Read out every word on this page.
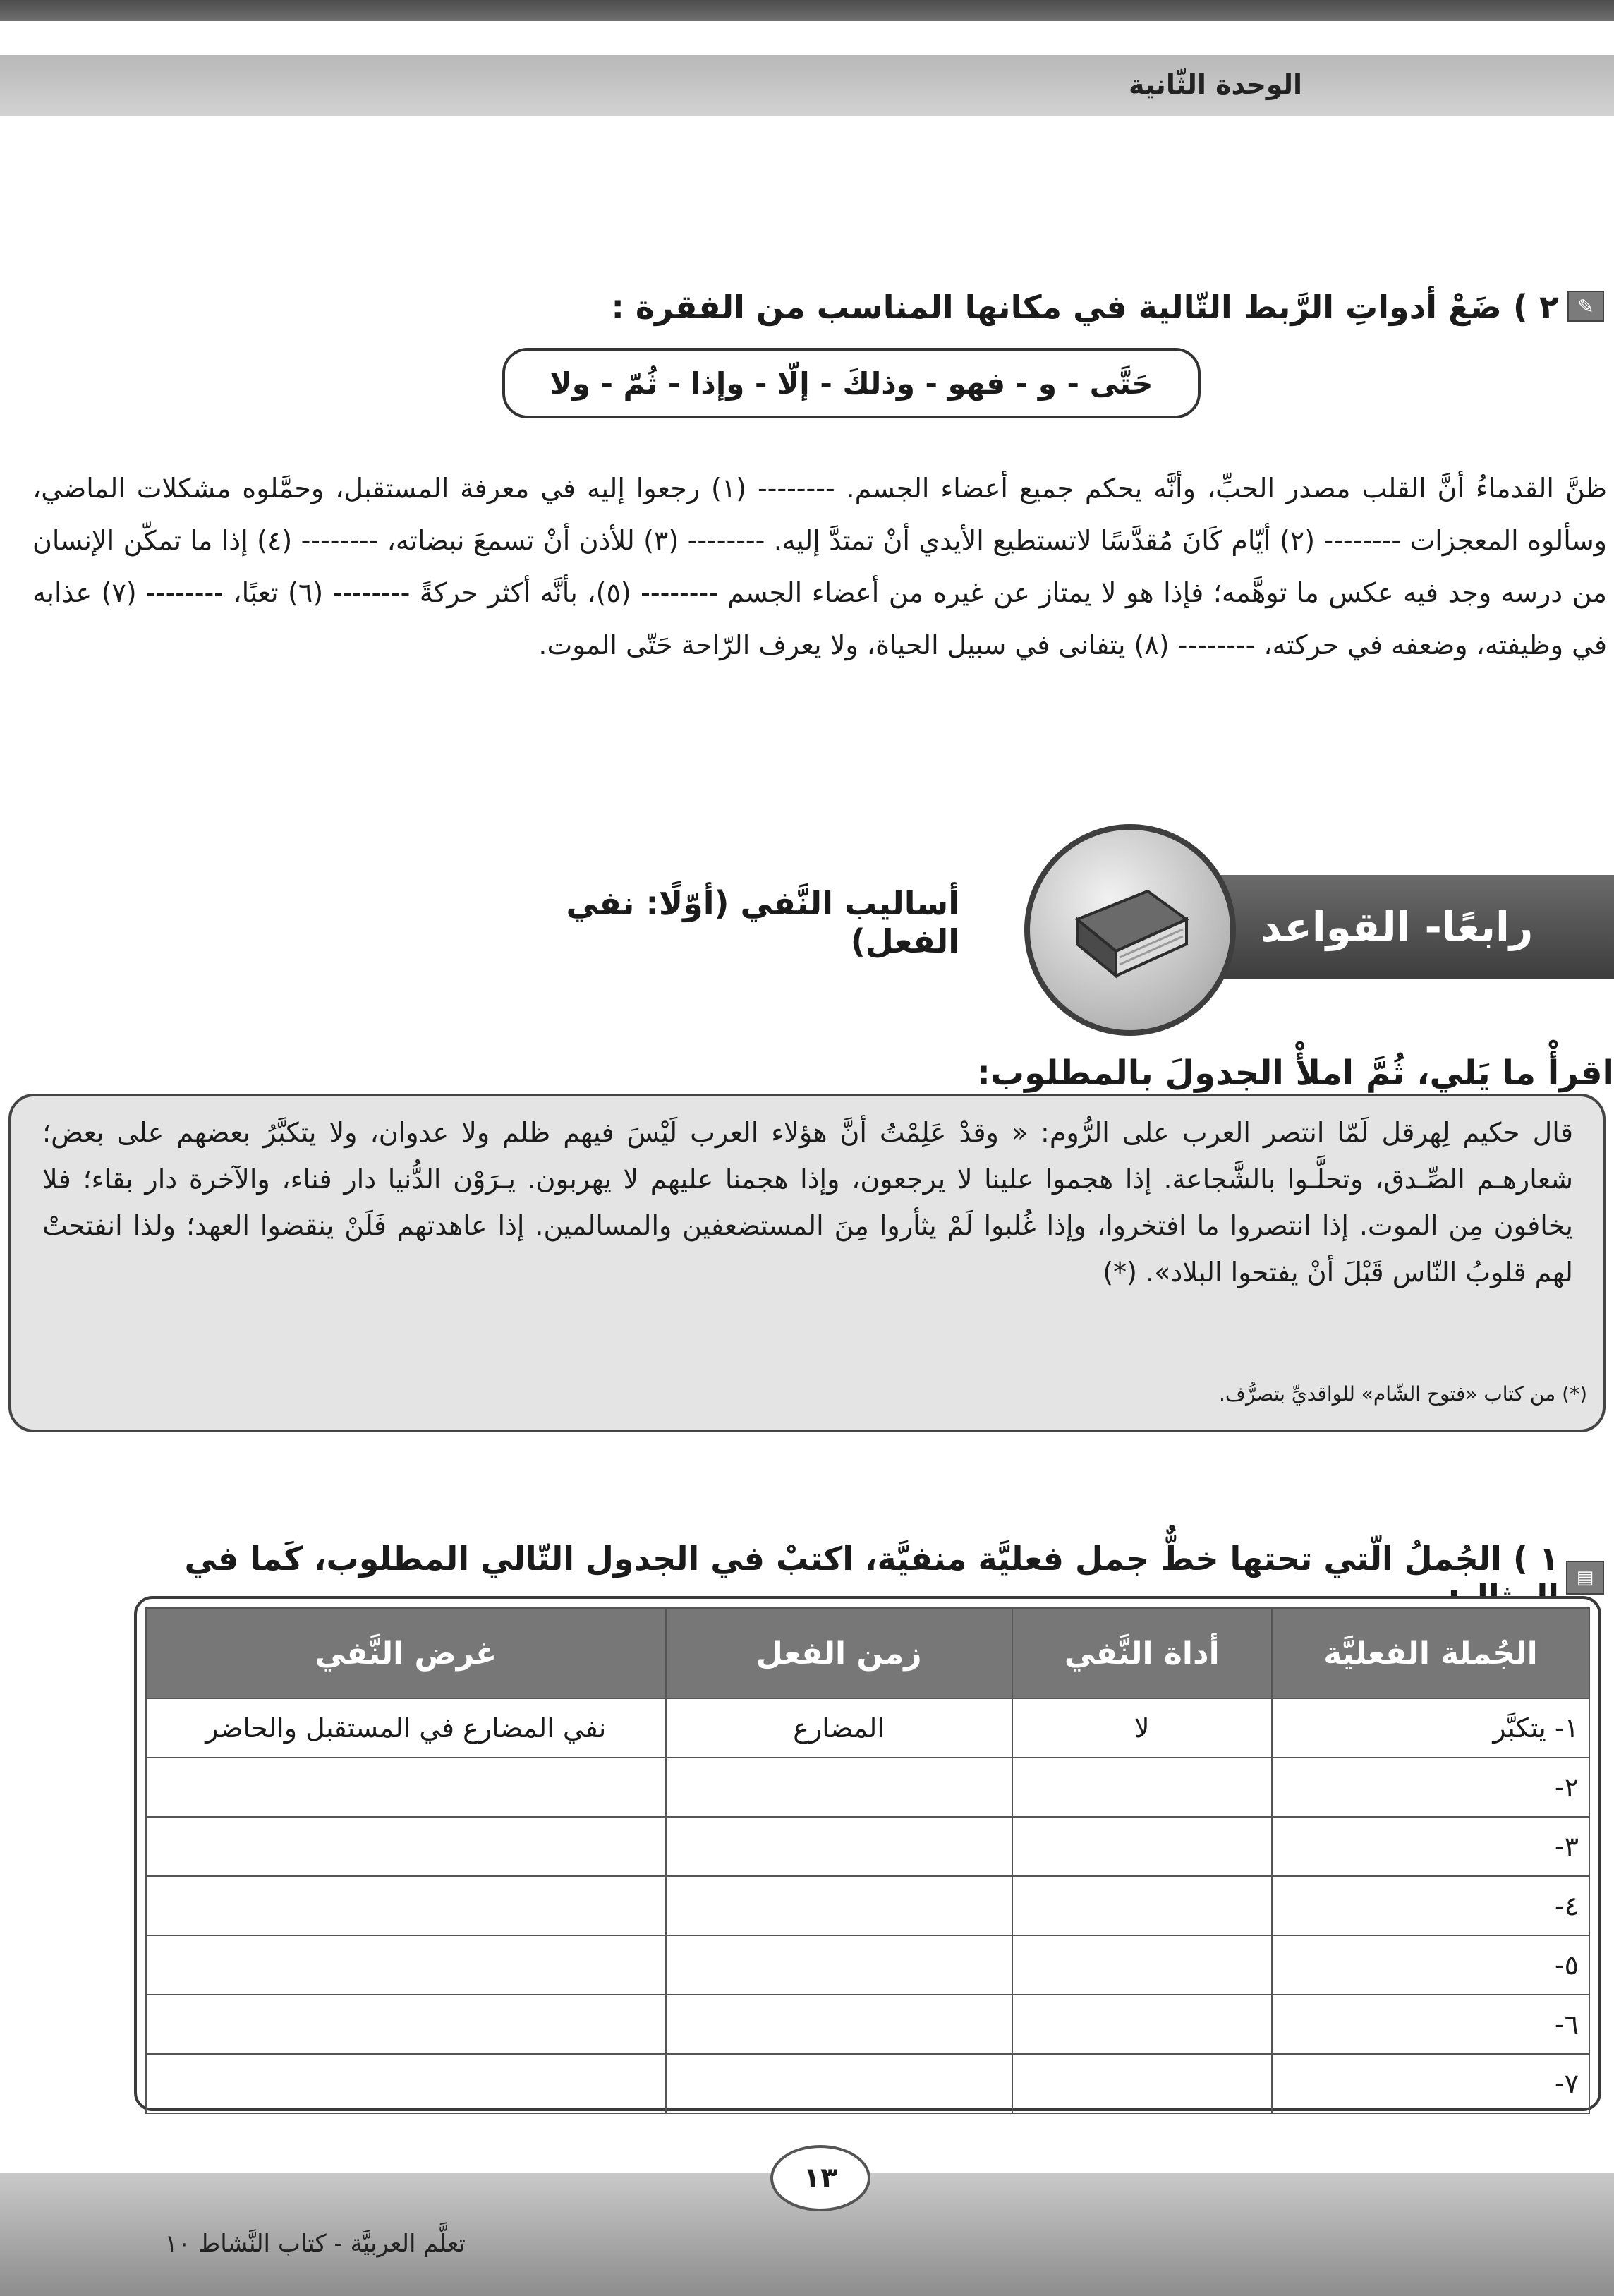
الوحدة الثّانية
✎
٢ ) ضَعْ أدواتِ الرَّبط التّالية في مكانها المناسب من الفقرة :
حَتَّى - و - فهو - وذلكَ - إلّا - وإذا - ثُمّ - ولا
ظنَّ القدماءُ أنَّ القلب مصدر الحبِّ، وأنَّه يحكم جميع أعضاء الجسم. -------- (١) رجعوا إليه في معرفة المستقبل، وحمَّلوه مشكلات الماضي، وسألوه المعجزات -------- (٢) أيّام كَانَ مُقدَّسًا لاتستطيع الأيدي أنْ تمتدَّ إليه. -------- (٣) للأذن أنْ تسمعَ نبضاته، -------- (٤) إذا ما تمكّن الإنسان من درسه وجد فيه عكس ما توهَّمه؛ فإذا هو لا يمتاز عن غيره من أعضاء الجسم -------- (٥)، بأنَّه أكثر حركةً -------- (٦) تعبًا، -------- (٧) عذابه في وظيفته، وضعفه في حركته، -------- (٨) يتفانى في سبيل الحياة، ولا يعرف الرّاحة حَتّى الموت.
رابعًا- القواعد
أساليب النَّفي (أوّلًا: نفي الفعل)
اقرأْ ما يَلي، ثُمَّ املأْ الجدولَ بالمطلوب:
قال حكيم لِهرقل لَمّا انتصر العرب على الرُّوم: « وقدْ عَلِمْتُ أنَّ هؤلاء العرب لَيْسَ فيهم ظلم ولا عدوان، ولا يتكبَّرُ بعضهم على بعض؛ شعارهـم الصِّـدق، وتحلَّـوا بالشَّجاعة. إذا هجموا علينا لا يرجعون، وإذا هجمنا عليهم لا يهربون. يـرَوْن الدُّنيا دار فناء، والآخرة دار بقاء؛ فلا يخافون مِن الموت. إذا انتصروا ما افتخروا، وإذا غُلبوا لَمْ يثأروا مِنَ المستضعفين والمسالمين. إذا عاهدتهم فَلَنْ ينقضوا العهد؛ ولذا انفتحتْ لهم قلوبُ النّاس قَبْلَ أنْ يفتحوا البلاد». (*)
(*) من كتاب «فتوح الشّام» للواقديِّ بتصرُّف.
▤
١ ) الجُملُ الّتي تحتها خطٌّ جمل فعليَّة منفيَّة، اكتبْ في الجدول التّالي المطلوب، كَما في
الجُملة الفعليَّة	أداة النَّفي	زمن الفعل	غرض النَّفي
١- يتكبَّر	لا	المضارع	نفي المضارع في المستقبل والحاضر
٢-			
٣-			
٤-			
٥-			
٦-			
٧-			
١٣
تعلَّم العربيَّة - كتاب النَّشاط ١٠
